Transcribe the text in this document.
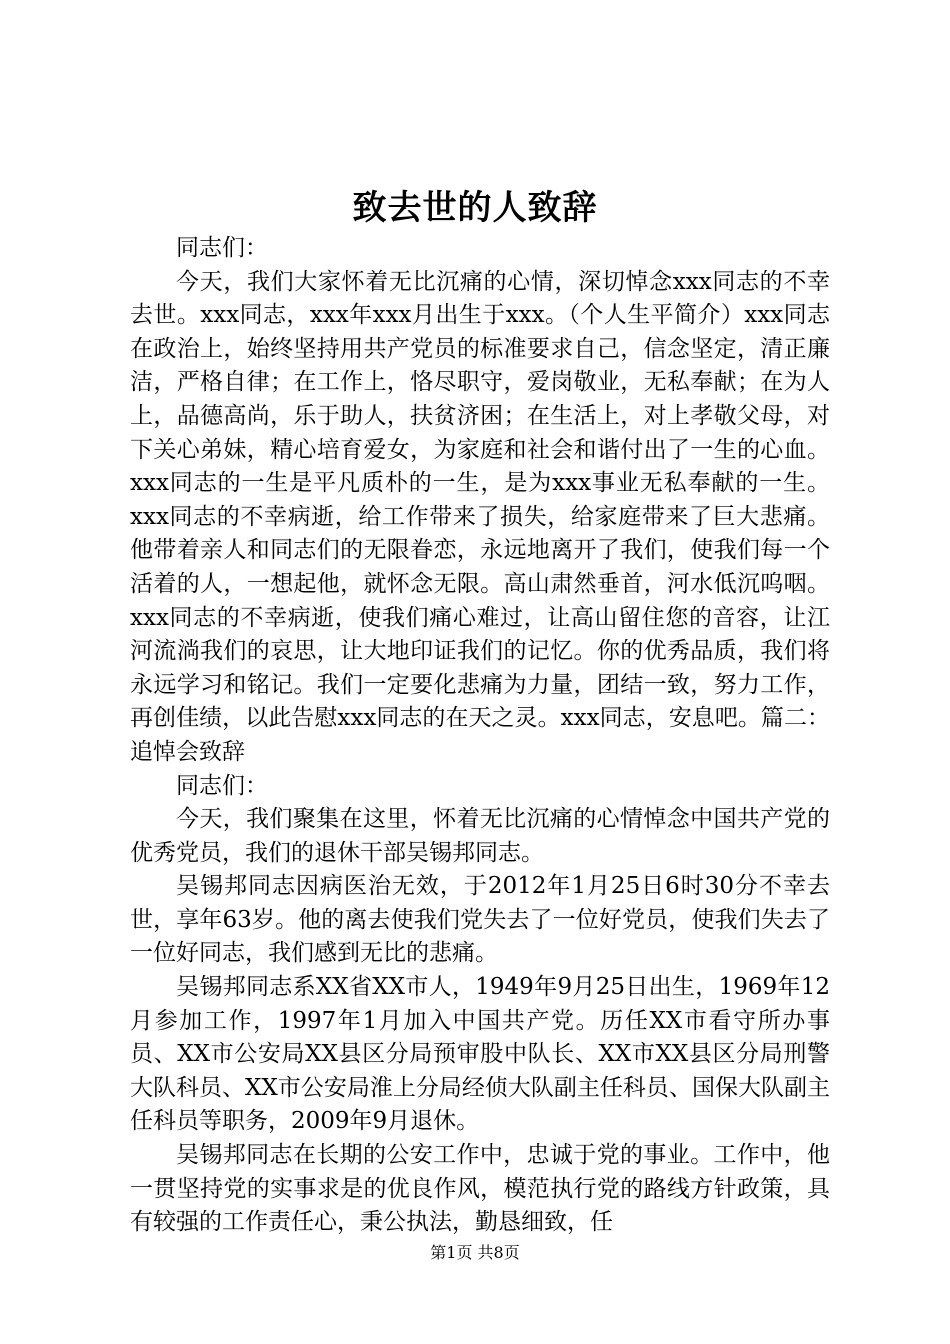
致去世的人致辞

同志们：

今天，我们大家怀着无比沉痛的心情，深切悼念xxx同志的不幸去世。xxx同志，xxx年xxx月出生于xxx。（个人生平简介）xxx同志在政治上，始终坚持用共产党员的标准要求自己，信念坚定，清正廉洁，严格自律；在工作上，恪尽职守，爱岗敬业，无私奉献；在为人上，品德高尚，乐于助人，扶贫济困；在生活上，对上孝敬父母，对下关心弟妹，精心培育爱女，为家庭和社会和谐付出了一生的心血。xxx同志的一生是平凡质朴的一生，是为xxx事业无私奉献的一生。xxx同志的不幸病逝，给工作带来了损失，给家庭带来了巨大悲痛。他带着亲人和同志们的无限眷恋，永远地离开了我们，使我们每一个活着的人，一想起他，就怀念无限。高山肃然垂首，河水低沉呜咽。xxx同志的不幸病逝，使我们痛心难过，让高山留住您的音容，让江河流淌我们的哀思，让大地印证我们的记忆。你的优秀品质，我们将永远学习和铭记。我们一定要化悲痛为力量，团结一致，努力工作，再创佳绩，以此告慰xxx同志的在天之灵。xxx同志，安息吧。篇二：追悼会致辞

同志们：

今天，我们聚集在这里，怀着无比沉痛的心情悼念中国共产党的优秀党员，我们的退休干部吴锡邦同志。

吴锡邦同志因病医治无效，于2012年1月25日6时30分不幸去世，享年63岁。他的离去使我们党失去了一位好党员，使我们失去了一位好同志，我们感到无比的悲痛。

吴锡邦同志系XX省XX市人，1949年9月25日出生，1969年12月参加工作，1997年1月加入中国共产党。历任XX市看守所办事员、XX市公安局XX县区分局预审股中队长、XX市XX县区分局刑警大队科员、XX市公安局淮上分局经侦大队副主任科员、国保大队副主任科员等职务，2009年9月退休。

吴锡邦同志在长期的公安工作中，忠诚于党的事业。工作中，他一贯坚持党的实事求是的优良作风，模范执行党的路线方针政策，具有较强的工作责任心，秉公执法，勤恳细致，任

第1页 共8页
